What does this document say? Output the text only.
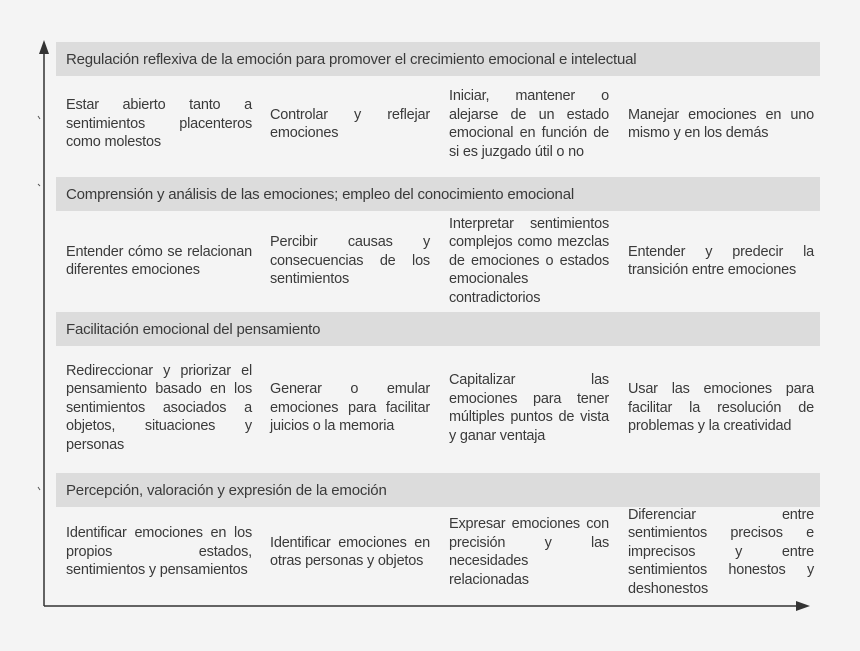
Regulación reflexiva de la emoción para promover el crecimiento emocional e intelectual
Estar abierto tanto a sentimientos placenteros como molestos
Controlar y reflejar emociones
Iniciar, mantener o alejarse de un estado emocional en función de si es juzgado útil o no
Manejar emociones en uno mismo y en los demás
Comprensión y análisis de las emociones; empleo del conocimiento emocional
Entender cómo se relacionan diferentes emociones
Percibir causas y consecuencias de los sentimientos
Interpretar sentimientos complejos como mezclas de emociones o estados emocionales contradictorios
Entender y predecir la transición entre emociones
Facilitación emocional del pensamiento
Redireccionar y priorizar el pensamiento basado en los sentimientos asociados a objetos, situaciones y personas
Generar o emular emociones para facilitar juicios o la memoria
Capitalizar las emociones para tener múltiples puntos de vista y ganar ventaja
Usar las emociones para facilitar la resolución de problemas y la creatividad
Percepción, valoración y expresión de la emoción
Identificar emociones en los propios estados, sentimientos y pensamientos
Identificar emociones en otras personas y objetos
Expresar emociones con precisión y las necesidades relacionadas
Diferenciar entre sentimientos precisos e imprecisos y entre sentimientos honestos y deshonestos
